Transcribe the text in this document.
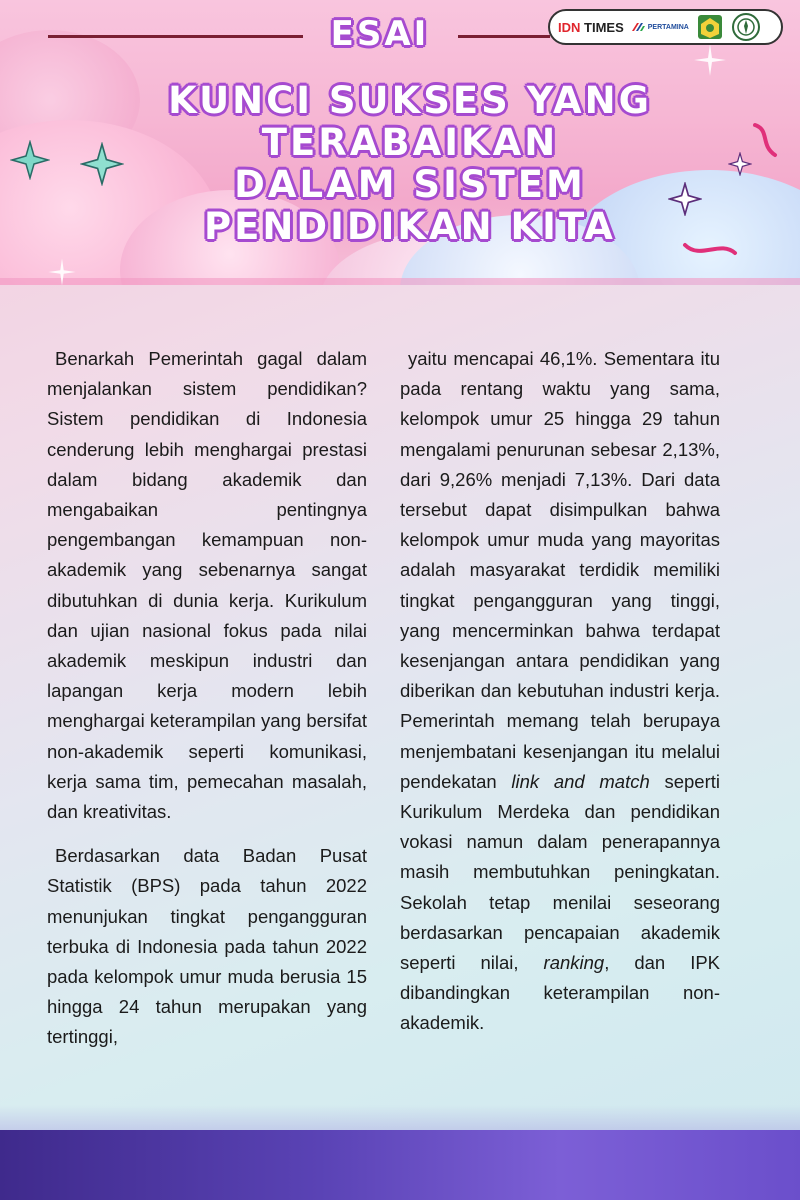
ESAI
KUNCI SUKSES YANG
TERABAIKAN
DALAM SISTEM
PENDIDIKAN KITA
IDN TIMES	PERTAMINA

Benarkah Pemerintah gagal dalam menjalankan sistem pendidikan? Sistem pendidikan di Indonesia cenderung lebih menghargai prestasi dalam bidang akademik dan mengabaikan pentingnya pengembangan kemampuan non-akademik yang sebenarnya sangat dibutuhkan di dunia kerja. Kurikulum dan ujian nasional fokus pada nilai akademik meskipun industri dan lapangan kerja modern lebih menghargai keterampilan yang bersifat non-akademik seperti komunikasi, kerja sama tim, pemecahan masalah, dan kreativitas.

Berdasarkan data Badan Pusat Statistik (BPS) pada tahun 2022 menunjukan tingkat pengangguran terbuka di Indonesia pada tahun 2022 pada kelompok umur muda berusia 15 hingga 24 tahun merupakan yang tertinggi,

yaitu mencapai 46,1%. Sementara itu pada rentang waktu yang sama, kelompok umur 25 hingga 29 tahun mengalami penurunan sebesar 2,13%, dari 9,26% menjadi 7,13%. Dari data tersebut dapat disimpulkan bahwa kelompok umur muda yang mayoritas adalah masyarakat terdidik memiliki tingkat pengangguran yang tinggi, yang mencerminkan bahwa terdapat kesenjangan antara pendidikan yang diberikan dan kebutuhan industri kerja. Pemerintah memang telah berupaya menjembatani kesenjangan itu melalui pendekatan link and match seperti Kurikulum Merdeka dan pendidikan vokasi namun dalam penerapannya masih membutuhkan peningkatan. Sekolah tetap menilai seseorang berdasarkan pencapaian akademik seperti nilai, ranking, dan IPK dibandingkan keterampilan non-akademik.
